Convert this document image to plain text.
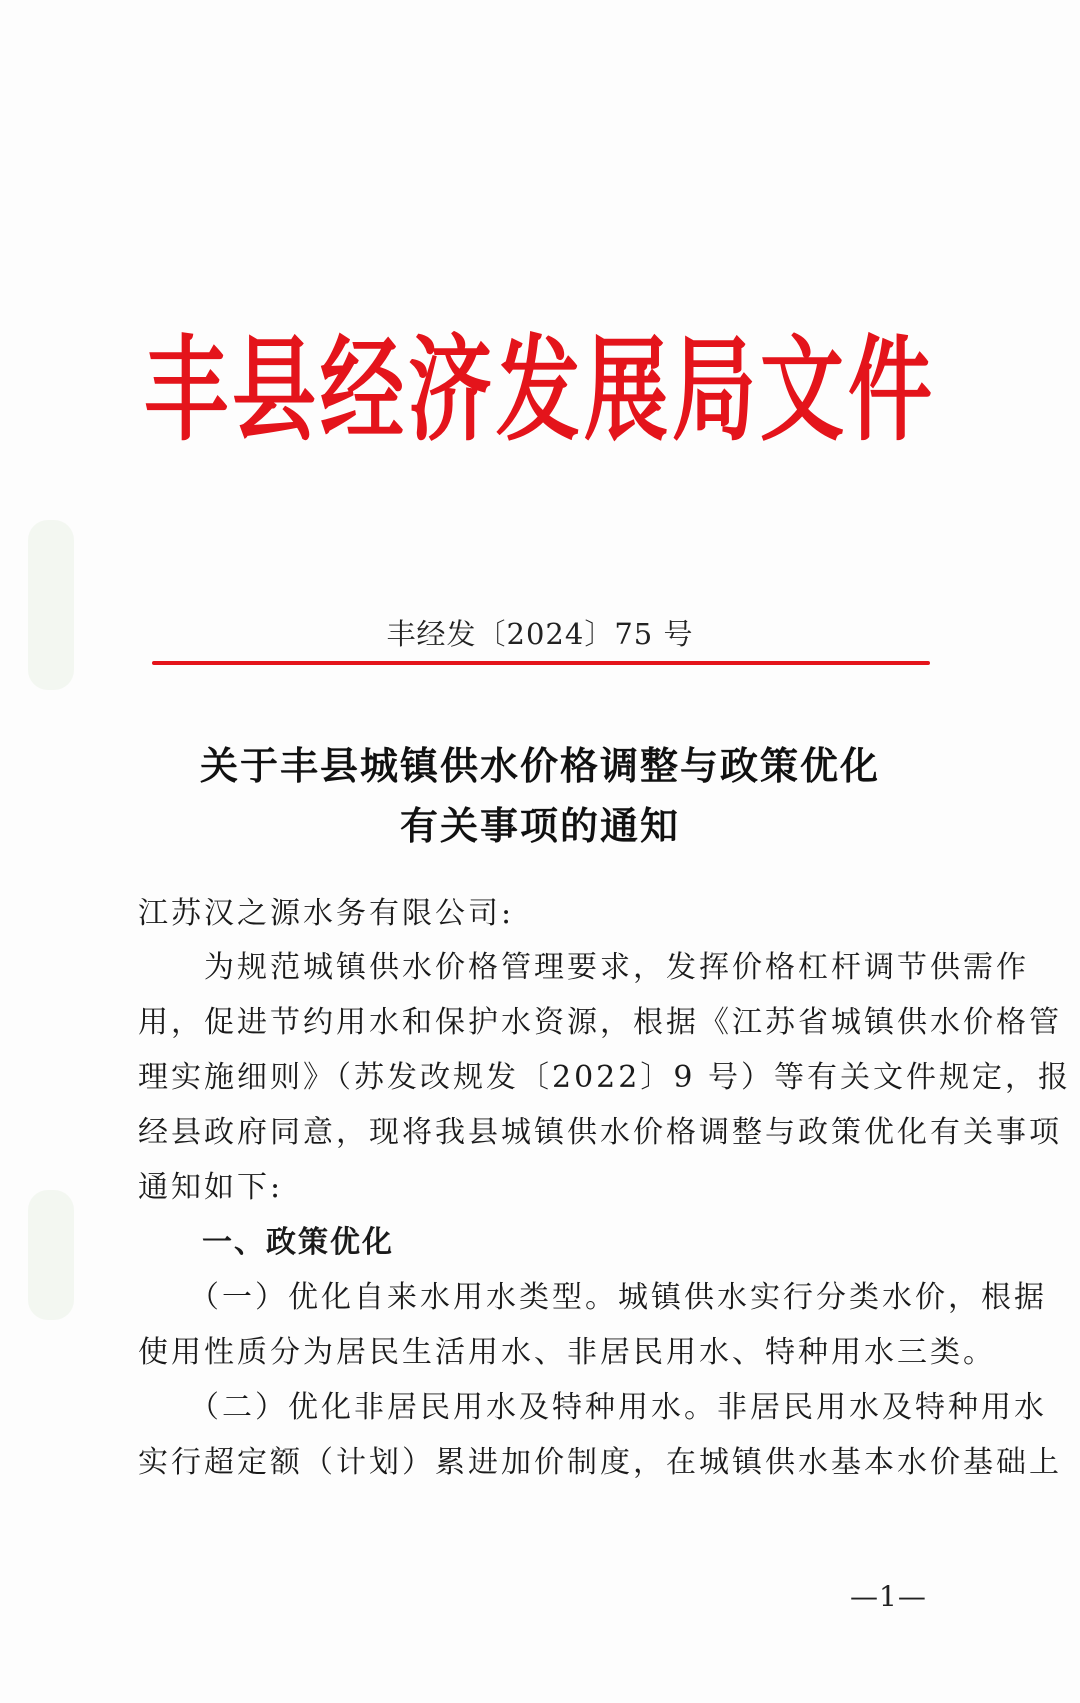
丰县经济发展局文件
丰经发〔2024〕75 号
关于丰县城镇供水价格调整与政策优化
有关事项的通知
江苏汉之源水务有限公司:
　　为规范城镇供水价格管理要求，发挥价格杠杆调节供需作
用，促进节约用水和保护水资源，根据《江苏省城镇供水价格管
理实施细则》（苏发改规发〔2022〕9 号）等有关文件规定，报
经县政府同意，现将我县城镇供水价格调整与政策优化有关事项
通知如下:
　　一、政策优化
　　（一）优化自来水用水类型。城镇供水实行分类水价，根据
使用性质分为居民生活用水、非居民用水、特种用水三类。
　　（二）优化非居民用水及特种用水。非居民用水及特种用水
实行超定额（计划）累进加价制度，在城镇供水基本水价基础上
—1—
